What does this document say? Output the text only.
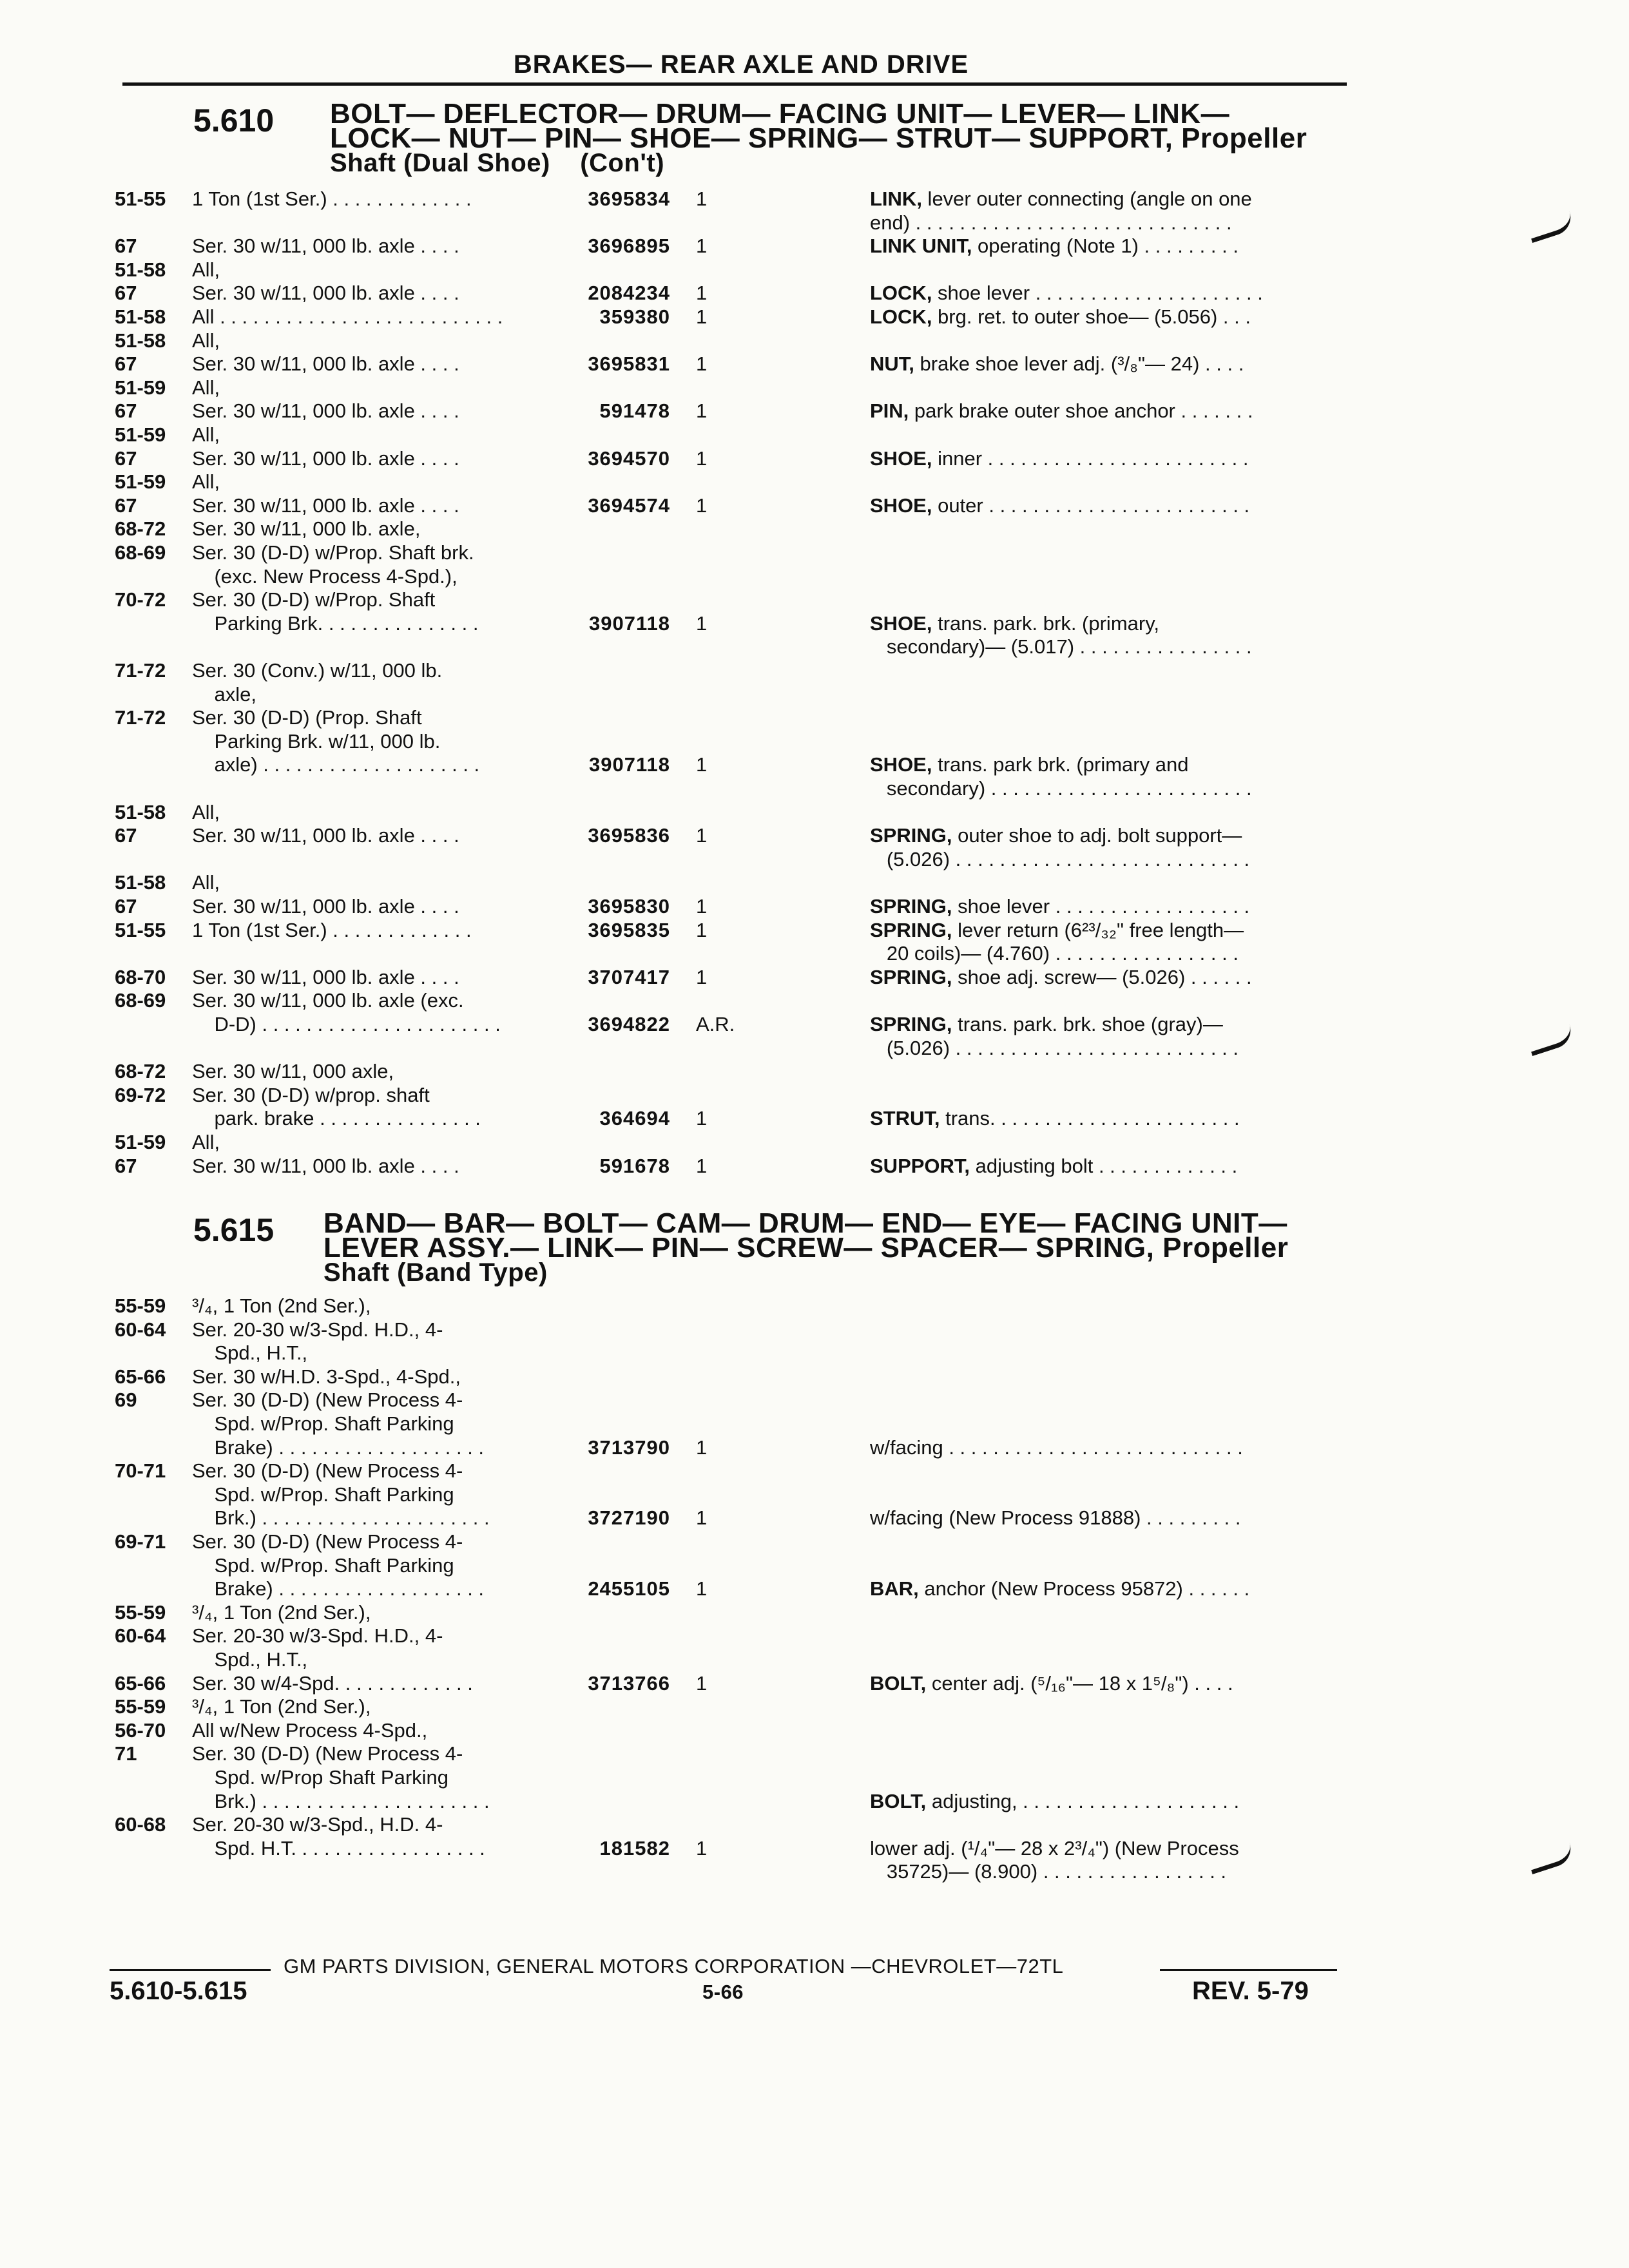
BRAKES— REAR AXLE AND DRIVE
5.610 BOLT— DEFLECTOR— DRUM— FACING UNIT— LEVER— LINK—
LOCK— NUT— PIN— SHOE— SPRING— STRUT— SUPPORT, Propeller
Shaft (Dual Shoe)    (Con't)
51-55	1 Ton (1st Ser.) . . . . . . . . . . . . .	3695834 1	LINK, lever outer connecting (angle on one
end) . . . . . . . . . . . . . . . . . . . . . . . . . . . . .
67	Ser. 30 w/11, 000 lb. axle . . . .	3696895 1	LINK UNIT, operating (Note 1) . . . . . . . . .
51-58	All,
67	Ser. 30 w/11, 000 lb. axle . . . .	2084234 1	LOCK, shoe lever . . . . . . . . . . . . . . . . . . . . .
51-58	All . . . . . . . . . . . . . . . . . . . . . . . . . .	359380 1	LOCK, brg. ret. to outer shoe— (5.056) . . .
51-58	All,
67	Ser. 30 w/11, 000 lb. axle . . . .	3695831 1	NUT, brake shoe lever adj. (³/₈"— 24) . . . .
51-59	All,
67	Ser. 30 w/11, 000 lb. axle . . . .	591478 1	PIN, park brake outer shoe anchor . . . . . . .
51-59	All,
67	Ser. 30 w/11, 000 lb. axle . . . .	3694570 1	SHOE, inner . . . . . . . . . . . . . . . . . . . . . . . .
51-59	All,
67	Ser. 30 w/11, 000 lb. axle . . . .	3694574 1	SHOE, outer . . . . . . . . . . . . . . . . . . . . . . . .
68-72	Ser. 30 w/11, 000 lb. axle,
68-69	Ser. 30 (D-D) w/Prop. Shaft brk.
(exc. New Process 4-Spd.),
70-72	Ser. 30 (D-D) w/Prop. Shaft
Parking Brk. . . . . . . . . . . . . . .	3907118 1	SHOE, trans. park. brk. (primary,
secondary)— (5.017) . . . . . . . . . . . . . . . .
71-72	Ser. 30 (Conv.) w/11, 000 lb.
axle,
71-72	Ser. 30 (D-D) (Prop. Shaft
Parking Brk. w/11, 000 lb.
axle) . . . . . . . . . . . . . . . . . . . .	3907118 1	SHOE, trans. park brk. (primary and
secondary) . . . . . . . . . . . . . . . . . . . . . . . .
51-58	All,
67	Ser. 30 w/11, 000 lb. axle . . . .	3695836 1	SPRING, outer shoe to adj. bolt support—
(5.026) . . . . . . . . . . . . . . . . . . . . . . . . . . .
51-58	All,
67	Ser. 30 w/11, 000 lb. axle . . . .	3695830 1	SPRING, shoe lever . . . . . . . . . . . . . . . . . .
51-55	1 Ton (1st Ser.) . . . . . . . . . . . . .	3695835 1	SPRING, lever return (6²³/₃₂" free length—
20 coils)— (4.760) . . . . . . . . . . . . . . . . .
68-70	Ser. 30 w/11, 000 lb. axle . . . .	3707417 1	SPRING, shoe adj. screw— (5.026) . . . . . .
68-69	Ser. 30 w/11, 000 lb. axle (exc.
D-D) . . . . . . . . . . . . . . . . . . . . . .	3694822 A.R.	SPRING, trans. park. brk. shoe (gray)—
(5.026) . . . . . . . . . . . . . . . . . . . . . . . . . .
68-72	Ser. 30 w/11, 000 axle,
69-72	Ser. 30 (D-D) w/prop. shaft
park. brake . . . . . . . . . . . . . . .	364694 1	STRUT, trans. . . . . . . . . . . . . . . . . . . . . . .
51-59	All,
67	Ser. 30 w/11, 000 lb. axle . . . .	591678 1	SUPPORT, adjusting bolt . . . . . . . . . . . . .
5.615 BAND— BAR— BOLT— CAM— DRUM— END— EYE— FACING UNIT—
LEVER ASSY.— LINK— PIN— SCREW— SPACER— SPRING, Propeller
Shaft (Band Type)
55-59	³/₄, 1 Ton (2nd Ser.),
60-64	Ser. 20-30 w/3-Spd. H.D., 4-
Spd., H.T.,
65-66	Ser. 30 w/H.D. 3-Spd., 4-Spd.,
69	Ser. 30 (D-D) (New Process 4-
Spd. w/Prop. Shaft Parking
Brake) . . . . . . . . . . . . . . . . . . .	3713790 1	w/facing . . . . . . . . . . . . . . . . . . . . . . . . . . .
70-71	Ser. 30 (D-D) (New Process 4-
Spd. w/Prop. Shaft Parking
Brk.) . . . . . . . . . . . . . . . . . . . . .	3727190 1	w/facing (New Process 91888) . . . . . . . . .
69-71	Ser. 30 (D-D) (New Process 4-
Spd. w/Prop. Shaft Parking
Brake) . . . . . . . . . . . . . . . . . . .	2455105 1	BAR, anchor (New Process 95872) . . . . . .
55-59	³/₄, 1 Ton (2nd Ser.),
60-64	Ser. 20-30 w/3-Spd. H.D., 4-
Spd., H.T.,
65-66	Ser. 30 w/4-Spd. . . . . . . . . . . . .	3713766 1	BOLT, center adj. (⁵/₁₆"— 18 x 1⁵/₈") . . . .
55-59	³/₄, 1 Ton (2nd Ser.),
56-70	All w/New Process 4-Spd.,
71	Ser. 30 (D-D) (New Process 4-
Spd. w/Prop Shaft Parking
Brk.) . . . . . . . . . . . . . . . . . . . . .	BOLT, adjusting, . . . . . . . . . . . . . . . . . . . .
60-68	Ser. 20-30 w/3-Spd., H.D. 4-
Spd. H.T. . . . . . . . . . . . . . . . . .	181582 1	lower adj. (¹/₄"— 28 x 2³/₄") (New Process
35725)— (8.900) . . . . . . . . . . . . . . . . .
GM PARTS DIVISION, GENERAL MOTORS CORPORATION —CHEVROLET—72TL
5.610-5.615	5-66	REV. 5-79
